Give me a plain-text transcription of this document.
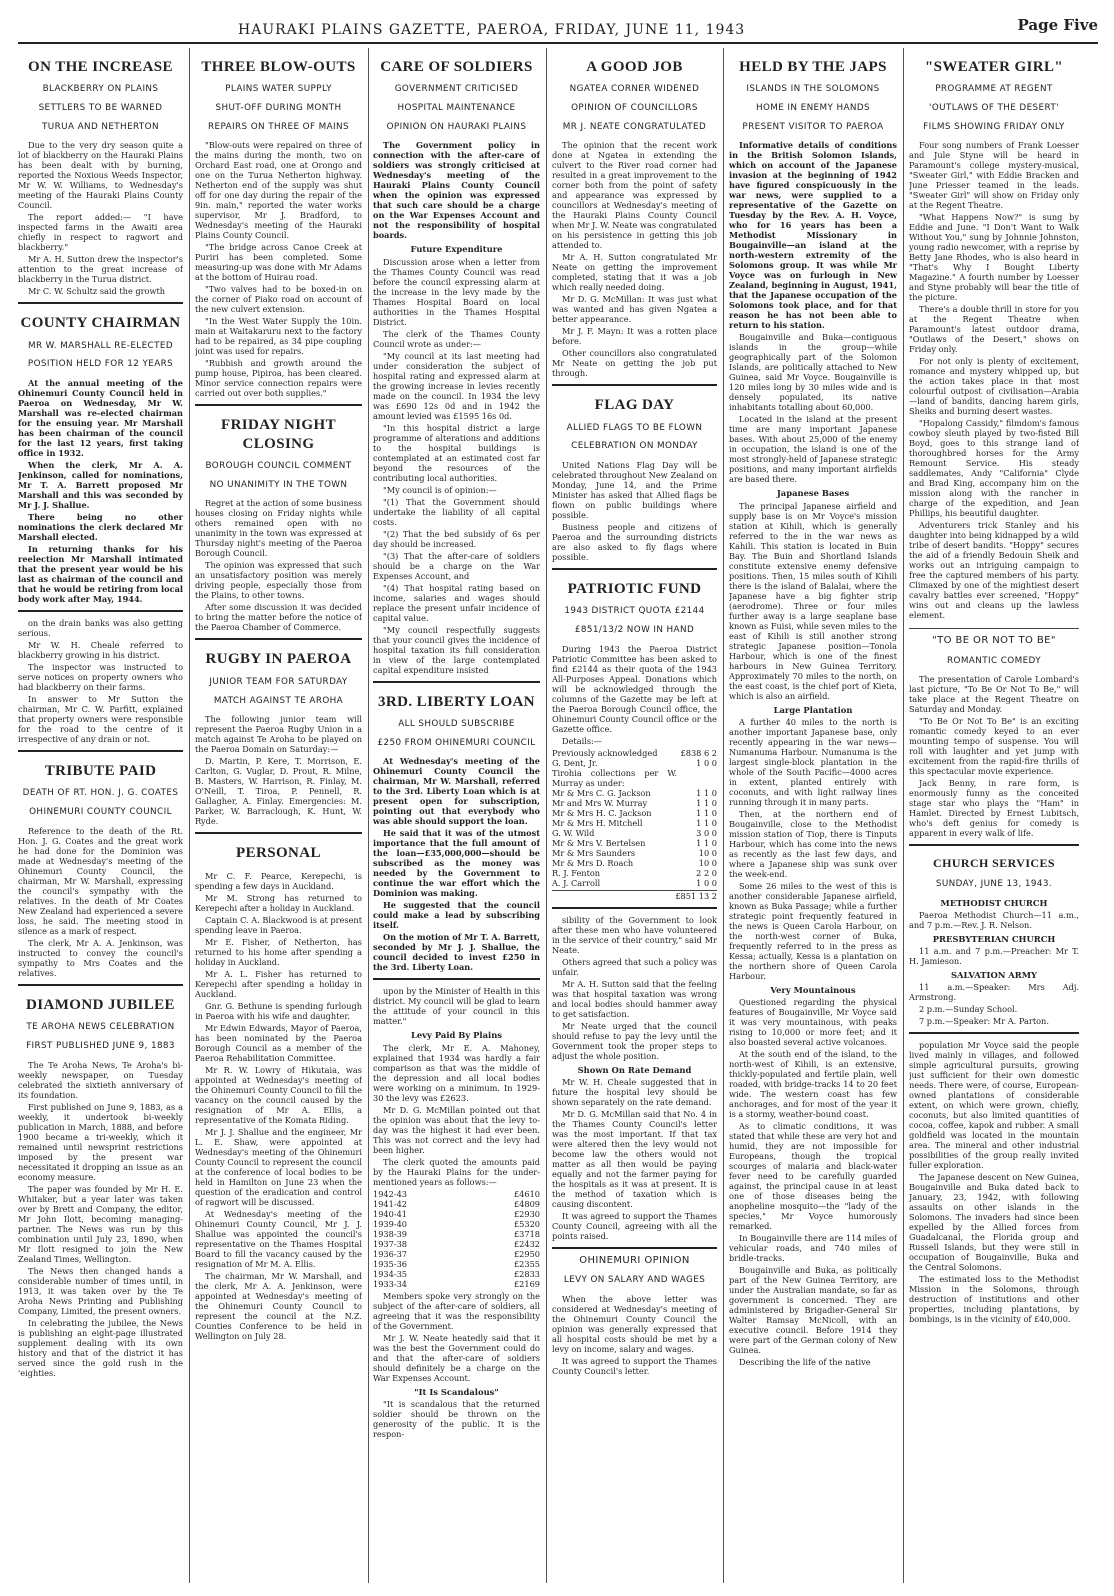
HAURAKI PLAINS GAZETTE, PAEROA, FRIDAY, JUNE 11, 1943	Page Five
ON THE INCREASE
BLACKBERRY ON PLAINS
SETTLERS TO BE WARNED
TURUA AND NETHERTON

Due to the very dry season quite a lot of blackberry on the Hauraki Plains has been dealt with by burning, reported the Noxious Weeds Inspector, Mr W. W. Williams, to Wednesday's meeting of the Hauraki Plains County Council.

The report added:— "I have inspected farms in the Awaiti area chiefly in respect to ragwort and blackberry."

Mr A. H. Sutton drew the inspector's attention to the great increase of blackberry in the Turua district.

Mr C. W. Schultz said the growth

COUNTY CHAIRMAN
MR W. MARSHALL RE-ELECTED
POSITION HELD FOR 12 YEARS

At the annual meeting of the Ohinemuri County Council held in Paeroa on Wednesday, Mr W. Marshall was re-elected chairman for the ensuing year. Mr Marshall has been chairman of the council for the last 12 years, first taking office in 1932.

When the clerk, Mr A. A. Jenkinson, called for nominations, Mr T. A. Barrett proposed Mr Marshall and this was seconded by Mr J. J. Shallue.

There being no other nominations the clerk declared Mr Marshall elected.

In returning thanks for his reelection Mr Marshall intimated that the present year would be his last as chairman of the council and that he would be retiring from local body work after May, 1944.

on the drain banks was also getting serious.

Mr W. H. Cheale referred to blackberry growing in his district.

The inspector was instructed to serve notices on property owners who had blackberry on their farms.

In answer to Mr Sutton the chairman, Mr C. W. Parfitt, explained that property owners were responsible for the road to the centre of it irrespective of any drain or not.

TRIBUTE PAID
DEATH OF RT. HON. J. G. COATES
OHINEMURI COUNTY COUNCIL

Reference to the death of the Rt. Hon. J. G. Coates and the great work he had done for the Dominion was made at Wednesday's meeting of the Ohinemuri County Council, the chairman, Mr W. Marshall, expressing the council's sympathy with the relatives. In the death of Mr Coates New Zealand had experienced a severe loss, he said. The meeting stood in silence as a mark of respect.

The clerk, Mr A. A. Jenkinson, was instructed to convey the council's sympathy to Mrs Coates and the relatives.

DIAMOND JUBILEE
TE AROHA NEWS CELEBRATION
FIRST PUBLISHED JUNE 9, 1883

The Te Aroha News, Te Aroha's bi-weekly newspaper, on Tuesday celebrated the sixtieth anniversary of its foundation.

First published on June 9, 1883, as a weekly, it undertook bi-weekly publication in March, 1888, and before 1900 became a tri-weekly, which it remained until newsprint restrictions imposed by the present war necessitated it dropping an issue as an economy measure.

The paper was founded by Mr H. E. Whitaker, but a year later was taken over by Brett and Company, the editor, Mr John Ilott, becoming managing-partner. The News was run by this combination until July 23, 1890, when Mr Ilott resigned to join the New Zealand Times, Wellington.

The News then changed hands a considerable number of times until, in 1913, it was taken over by the Te Aroha News Printing and Publishing Company, Limited, the present owners.

In celebrating the jubilee, the News is publishing an eight-page illustrated supplement dealing with its own history and that of the district it has served since the gold rush in the 'eighties.

THREE BLOW-OUTS
PLAINS WATER SUPPLY
SHUT-OFF DURING MONTH
REPAIRS ON THREE OF MAINS

"Blow-outs were repaired on three of the mains during the month, two on Orchard East road, one at Orongo and one on the Turua Netherton highway. Netherton end of the supply was shut off for one day during the repair of the 9in. main," reported the water works supervisor, Mr J. Bradford, to Wednesday's meeting of the Hauraki Plains County Council.

"The bridge across Canoe Creek at Puriri has been completed. Some measuring-up was done with Mr Adams at the bottom of Huirau road.

"Two valves had to be boxed-in on the corner of Piako road on account of the new culvert extension.

"In the West Water Supply the 10in. main at Waitakaruru next to the factory had to be repaired, as 34 pipe coupling joint was used for repairs.

"Rubbish and growth around the pump house, Pipiroa, has been cleared. Minor service connection repairs were carried out over both supplies."

FRIDAY NIGHT CLOSING
BOROUGH COUNCIL COMMENT
NO UNANIMITY IN THE TOWN

Regret at the action of some business houses closing on Friday nights while others remained open with no unanimity in the town was expressed at Thursday night's meeting of the Paeroa Borough Council.

The opinion was expressed that such an unsatisfactory position was merely driving people, especially those from the Plains, to other towns.

After some discussion it was decided to bring the matter before the notice of the Paeroa Chamber of Commerce.

RUGBY IN PAEROA
JUNIOR TEAM FOR SATURDAY
MATCH AGAINST TE AROHA

The following junior team will represent the Paeroa Rugby Union in a match against Te Aroha to be played on the Paeroa Domain on Saturday:—

D. Martin, P. Kere, T. Morrison, E. Carlton, G. Vuglar, D. Prout, R. Milne, B. Masters, W. Harrison, R. Finlay, M. O'Neill, T. Tiroa, P. Pennell, R. Gallagher, A. Finlay. Emergencies: M. Parker, W. Barraclough, K. Hunt, W. Ryde.

PERSONAL

Mr C. F. Pearce, Kerepechi, is spending a few days in Auckland.

Mr M. Strong has returned to Kerepechi after a holiday in Auckland.

Captain C. A. Blackwood is at present spending leave in Paeroa.

Mr E. Fisher, of Netherton, has returned to his home after spending a holiday in Auckland.

Mr A. L. Fisher has returned to Kerepechi after spending a holiday in Auckland.

Gnr. G. Bethune is spending furlough in Paeroa with his wife and daughter.

Mr Edwin Edwards, Mayor of Paeroa, has been nominated by the Paeroa Borough Council as a member of the Paeroa Rehabilitation Committee.

Mr R. W. Lowry of Hikutaia, was appointed at Wednesday's meeting of the Ohinemuri County Council to fill the vacancy on the council caused by the resignation of Mr A. Ellis, a representative of the Komata Riding.

Mr J. J. Shallue and the engineer, Mr L. E. Shaw, were appointed at Wednesday's meeting of the Ohinemuri County Council to represent the council at the conference of local bodies to be held in Hamilton on June 23 when the question of the eradication and control of ragwort will be discussed.

At Wednesday's meeting of the Ohinemuri County Council, Mr J. J. Shallue was appointed the council's representative on the Thames Hospital Board to fill the vacancy caused by the resignation of Mr M. A. Ellis.

The chairman, Mr W. Marshall, and the clerk, Mr A. A. Jenkinson, were appointed at Wednesday's meeting of the Ohinemuri County Council to represent the council at the N.Z. Counties Conference to be held in Wellington on July 28.

CARE OF SOLDIERS
GOVERNMENT CRITICISED
HOSPITAL MAINTENANCE
OPINION ON HAURAKI PLAINS

The Government policy in connection with the after-care of soldiers was strongly criticised at Wednesday's meeting of the Hauraki Plains County Council when the opinion was expressed that such care should be a charge on the War Expenses Account and not the responsibility of hospital boards.

Future Expenditure

Discussion arose when a letter from the Thames County Council was read before the council expressing alarm at the increase in the levy made by the Thames Hospital Board on local authorities in the Thames Hospital District.

The clerk of the Thames County Council wrote as under:—

"My council at its last meeting had under consideration the subject of hospital rating and expressed alarm at the growing increase in levies recently made on the council. In 1934 the levy was £690 12s 0d and in 1942 the amount levied was £1595 16s 0d.

"In this hospital district a large programme of alterations and additions to the hospital buildings is contemplated at an estimated cost far beyond the resources of the contributing local authorities.

"My council is of opinion:—

"(1) That the Government should undertake the liability of all capital costs.

"(2) That the bed subsidy of 6s per day should be increased.

"(3) That the after-care of soldiers should be a charge on the War Expenses Account, and

"(4) That hospital rating based on income, salaries and wages should replace the present unfair incidence of capital value.

"My council respectfully suggests that your council gives the incidence of hospital taxation its full consideration in view of the large contemplated capital expenditure insisted

3RD. LIBERTY LOAN
ALL SHOULD SUBSCRIBE
£250 FROM OHINEMURI COUNCIL

At Wednesday's meeting of the Ohinemuri County Council the chairman, Mr W. Marshall, referred to the 3rd. Liberty Loan which is at present open for subscription, pointing out that everybody who was able should support the loan.

He said that it was of the utmost importance that the full amount of the loan—£35,000,000—should be subscribed as the money was needed by the Government to continue the war effort which the Dominion was making.

He suggested that the council could make a lead by subscribing itself.

On the motion of Mr T. A. Barrett, seconded by Mr J. J. Shallue, the council decided to invest £250 in the 3rd. Liberty Loan.

upon by the Minister of Health in this district. My council will be glad to learn the attitude of your council in this matter."

Levy Paid By Plains

The clerk, Mr E. A. Mahoney, explained that 1934 was hardly a fair comparison as that was the middle of the depression and all local bodies were working on a minimum. In 1929-30 the levy was £2623.

Mr D. G. McMillan pointed out that the opinion was about that the levy to-day was the highest it had ever been. This was not correct and the levy had been higher.

The clerk quoted the amounts paid by the Hauraki Plains for the under-mentioned years as follows:—

1942-43	£4610
1941-42	£4809
1940-41	£2930
1939-40	£5320
1938-39	£3718
1937-38	£2432
1936-37	£2950
1935-36	£2355
1934-35	£2833
1933-34	£2169

Members spoke very strongly on the subject of the after-care of soldiers, all agreeing that it was the responsibility of the Government.

Mr J. W. Neate heatedly said that it was the best the Government could do and that the after-care of soldiers should definitely be a charge on the War Expenses Account.

"It Is Scandalous"

"It is scandalous that the returned soldier should be thrown on the generosity of the public. It is the respon-

A GOOD JOB
NGATEA CORNER WIDENED
OPINION OF COUNCILLORS
MR J. NEATE CONGRATULATED

The opinion that the recent work done at Ngatea in extending the culvert to the River road corner had resulted in a great improvement to the corner both from the point of safety and appearance was expressed by councillors at Wednesday's meeting of the Hauraki Plains County Council when Mr J. W. Neate was congratulated on his persistence in getting this job attended to.

Mr A. H. Sutton congratulated Mr Neate on getting the improvement completed, stating that it was a job which really needed doing.

Mr D. G. McMillan: It was just what was wanted and has given Ngatea a better appearance.

Mr J. F. Mayn: It was a rotten place before.

Other councillors also congratulated Mr Neate on getting the job put through.

FLAG DAY
ALLIED FLAGS TO BE FLOWN
CELEBRATION ON MONDAY

United Nations Flag Day will be celebrated throughout New Zealand on Monday, June 14, and the Prime Minister has asked that Allied flags be flown on public buildings where possible.

Business people and citizens of Paeroa and the surrounding districts are also asked to fly flags where possible.

PATRIOTIC FUND
1943 DISTRICT QUOTA £2144
£851/13/2 NOW IN HAND

During 1943 the Paeroa District Patriotic Committee has been asked to find £2144 as their quota of the 1943 All-Purposes Appeal. Donations which will be acknowledged through the columns of the Gazette may be left at the Paeroa Borough Council office, the Ohinemuri County Council office or the Gazette office.

Details:—

Previously acknowledged	£838 6 2
G. Dent, Jr.	1 0 0
Tirohia collections per W. Murray as under:	
Mr & Mrs C. G. Jackson	1 1 0
Mr and Mrs W. Murray	1 1 0
Mr & Mrs H. C. Jackson	1 1 0
Mr & Mrs H. Mitchell	1 1 0
G. W. Wild	3 0 0
Mr & Mrs V. Bertelsen	1 1 0
Mr & Mrs Saunders	10 0
Mr & Mrs D. Roach	10 0
R. J. Fenton	2 2 0
A. J. Carroll	1 0 0
£851 13 2

sibility of the Government to look after these men who have volunteered in the service of their country," said Mr Neate.

Others agreed that such a policy was unfair.

Mr A. H. Sutton said that the feeling was that hospital taxation was wrong and local bodies should hammer away to get satisfaction.

Mr Neate urged that the council should refuse to pay the levy until the Government took the proper steps to adjust the whole position.

Shown On Rate Demand

Mr W. H. Cheale suggested that in future the hospital levy should be shown separately on the rate demand.

Mr D. G. McMillan said that No. 4 in the Thames County Council's letter was the most important. If that tax were altered then the levy would not become law the others would not matter as all then would be paying equally and not the farmer paying for the hospitals as it was at present. It is the method of taxation which is causing discontent.

It was agreed to support the Thames County Council, agreeing with all the points raised.

OHINEMURI OPINION
LEVY ON SALARY AND WAGES

When the above letter was considered at Wednesday's meeting of the Ohinemuri County Council the opinion was generally expressed that all hospital costs should be met by a levy on income, salary and wages.

It was agreed to support the Thames County Council's letter.

HELD BY THE JAPS
ISLANDS IN THE SOLOMONS
HOME IN ENEMY HANDS
PRESENT VISITOR TO PAEROA

Informative details of conditions in the British Solomon Islands, which on account of the Japanese invasion at the beginning of 1942 have figured conspicuously in the war news, were supplied to a representative of the Gazette on Tuesday by the Rev. A. H. Voyce, who for 16 years has been a Methodist Missionary in Bougainville—an island at the north-western extremity of the Solomons group. It was while Mr Voyce was on furlough in New Zealand, beginning in August, 1941, that the Japanese occupation of the Solomons took place, and for that reason he has not been able to return to his station.

Bougainville and Buka—contiguous islands in the group—while geographically part of the Solomon Islands, are politically attached to New Guinea, said Mr Voyce. Bougainville is 120 miles long by 30 miles wide and is densely populated, its native inhabitants totalling about 60,000.

Located in the island at the present time are many important Japanese bases. With about 25,000 of the enemy in occupation, the island is one of the most strongly-held of Japanese strategic positions, and many important airfields are based there.

Japanese Bases

The principal Japanese airfield and supply base is on Mr Voyce's mission station at Kihili, which is generally referred to the in the war news as Kahili. This station is located in Buin Bay. The Buin and Shortland Islands constitute extensive enemy defensive positions. Then, 15 miles south of Kihili there is the island of Balalai, where the Japanese have a big fighter strip (aerodrome). Three or four miles further away is a large seaplane base known as Fuisi, while seven miles to the east of Kihili is still another strong strategic Japanese position—Tonola Harbour, which is one of the finest harbours in New Guinea Territory. Approximately 70 miles to the north, on the east coast, is the chief port of Kieta, which is also an airfield.

Large Plantation

A further 40 miles to the north is another important Japanese base, only recently appearing in the war news—Numanuma Harbour. Numanuma is the largest single-block plantation in the whole of the South Pacific—4000 acres in extent, planted entirely with coconuts, and with light railway lines running through it in many parts.

Then, at the northern end of Bougainville, close to the Methodist mission station of Tiop, there is Tinputs Harbour, which has come into the news as recently as the last few days, and where a Japanese ship was sunk over the week-end.

Some 26 miles to the west of this is another considerable Japanese airfield, known as Buka Passage; while a further strategic point frequently featured in the news is Queen Carola Harbour, on the north-west corner of Buka, frequently referred to in the press as Kessa; actually, Kessa is a plantation on the northern shore of Queen Carola Harbour.

Very Mountainous

Questioned regarding the physical features of Bougainville, Mr Voyce said it was very mountainous, with peaks rising to 10,000 or more feet; and it also boasted several active volcanoes.

At the south end of the island, to the north-west of Kihili, is an extensive, thickly-populated and fertile plain, well roaded, with bridge-tracks 14 to 20 feet wide. The western coast has few anchorages, and for most of the year it is a stormy, weather-bound coast.

As to climatic conditions, it was stated that while these are very hot and humid, they are not impossible for Europeans, though the tropical scourges of malaria and black-water fever need to be carefully guarded against, the principal cause in at least one of those diseases being the anopheline mosquito—the "lady of the species," Mr Voyce humorously remarked.

In Bougainville there are 114 miles of vehicular roads, and 740 miles of bridle-tracks.

Bougainville and Buka, as politically part of the New Guinea Territory, are under the Australian mandate, so far as government is concerned. They are administered by Brigadier-General Sir Walter Ramsay McNicoll, with an executive council. Before 1914 they were part of the German colony of New Guinea.

Describing the life of the native

"SWEATER GIRL"
PROGRAMME AT REGENT
'OUTLAWS OF THE DESERT'
FILMS SHOWING FRIDAY ONLY

Four song numbers of Frank Loesser and Jule Styne will be heard in Paramount's college mystery-musical, "Sweater Girl," with Eddie Bracken and June Priesser teamed in the leads. "Sweater Girl" will show on Friday only at the Regent Theatre.

"What Happens Now?" is sung by Eddie and June. "I Don't Want to Walk Without You," sung by Johnnie Johnston, young radio newcomer, with a reprise by Betty Jane Rhodes, who is also heard in "That's Why I Bought Liberty Magazine." A fourth number by Loesser and Styne probably will bear the title of the picture.

There's a double thrill in store for you at the Regent Theatre when Paramount's latest outdoor drama, "Outlaws of the Desert," shows on Friday only.

For not only is plenty of excitement, romance and mystery whipped up, but the action takes place in that most colourful outpost of civilisation—Arabia—land of bandits, dancing harem girls, Sheiks and burning desert wastes.

"Hopalong Cassidy," filmdom's famous cowboy sleuth played by two-fisted Bill Boyd, goes to this strange land of thoroughbred horses for the Army Remount Service. His steady saddlemates, Andy "California" Clyde and Brad King, accompany him on the mission along with the rancher in charge of the expedition, and Jean Phillips, his beautiful daughter.

Adventurers trick Stanley and his daughter into being kidnapped by a wild tribe of desert bandits. "Hoppy" secures the aid of a friendly Bedouin Sheik and works out an intriguing campaign to free the captured members of his party. Climaxed by one of the mightiest desert cavalry battles ever screened, "Hoppy" wins out and cleans up the lawless element.

"TO BE OR NOT TO BE"
ROMANTIC COMEDY

The presentation of Carole Lombard's last picture, "To Be Or Not To Be," will take place at the Regent Theatre on Saturday and Monday.

"To Be Or Not To Be" is an exciting romantic comedy keyed to an ever mounting tempo of suspense. You will roll with laughter and yet jump with excitement from the rapid-fire thrills of this spectacular movie experience.

Jack Benny, in rare form, is enormously funny as the conceited stage star who plays the "Ham" in Hamlet. Directed by Ernest Lubitsch, who's deft genius for comedy is apparent in every walk of life.

CHURCH SERVICES
SUNDAY, JUNE 13, 1943.
METHODIST CHURCH

Paeroa Methodist Church—11 a.m., and 7 p.m.—Rev. J. R. Nelson.

PRESBYTERIAN CHURCH

11 a.m. and 7 p.m.—Preacher: Mr T. H. Jamieson.

SALVATION ARMY

11 a.m.—Speaker: Mrs Adj. Armstrong.

2 p.m.—Sunday School.

7 p.m.—Speaker: Mr A. Parton.

population Mr Voyce said the people lived mainly in villages, and followed simple agricultural pursuits, growing just sufficient for their own domestic needs. There were, of course, European-owned plantations of considerable extent, on which were grown, chiefly, coconuts, but also limited quantities of cocoa, coffee, kapok and rubber. A small goldfield was located in the mountain area. The mineral and other industrial possibilities of the group really invited fuller exploration.

The Japanese descent on New Guinea, Bougainville and Buka dated back to January, 23, 1942, with following assaults on other islands in the Solomons. The invaders had since been expelled by the Allied forces from Guadalcanal, the Florida group and Russell Islands, but they were still in occupation of Bougainville, Buka and the Central Solomons.

The estimated loss to the Methodist Mission in the Solomons, through destruction of institutions and other properties, including plantations, by bombings, is in the vicinity of £40,000.
